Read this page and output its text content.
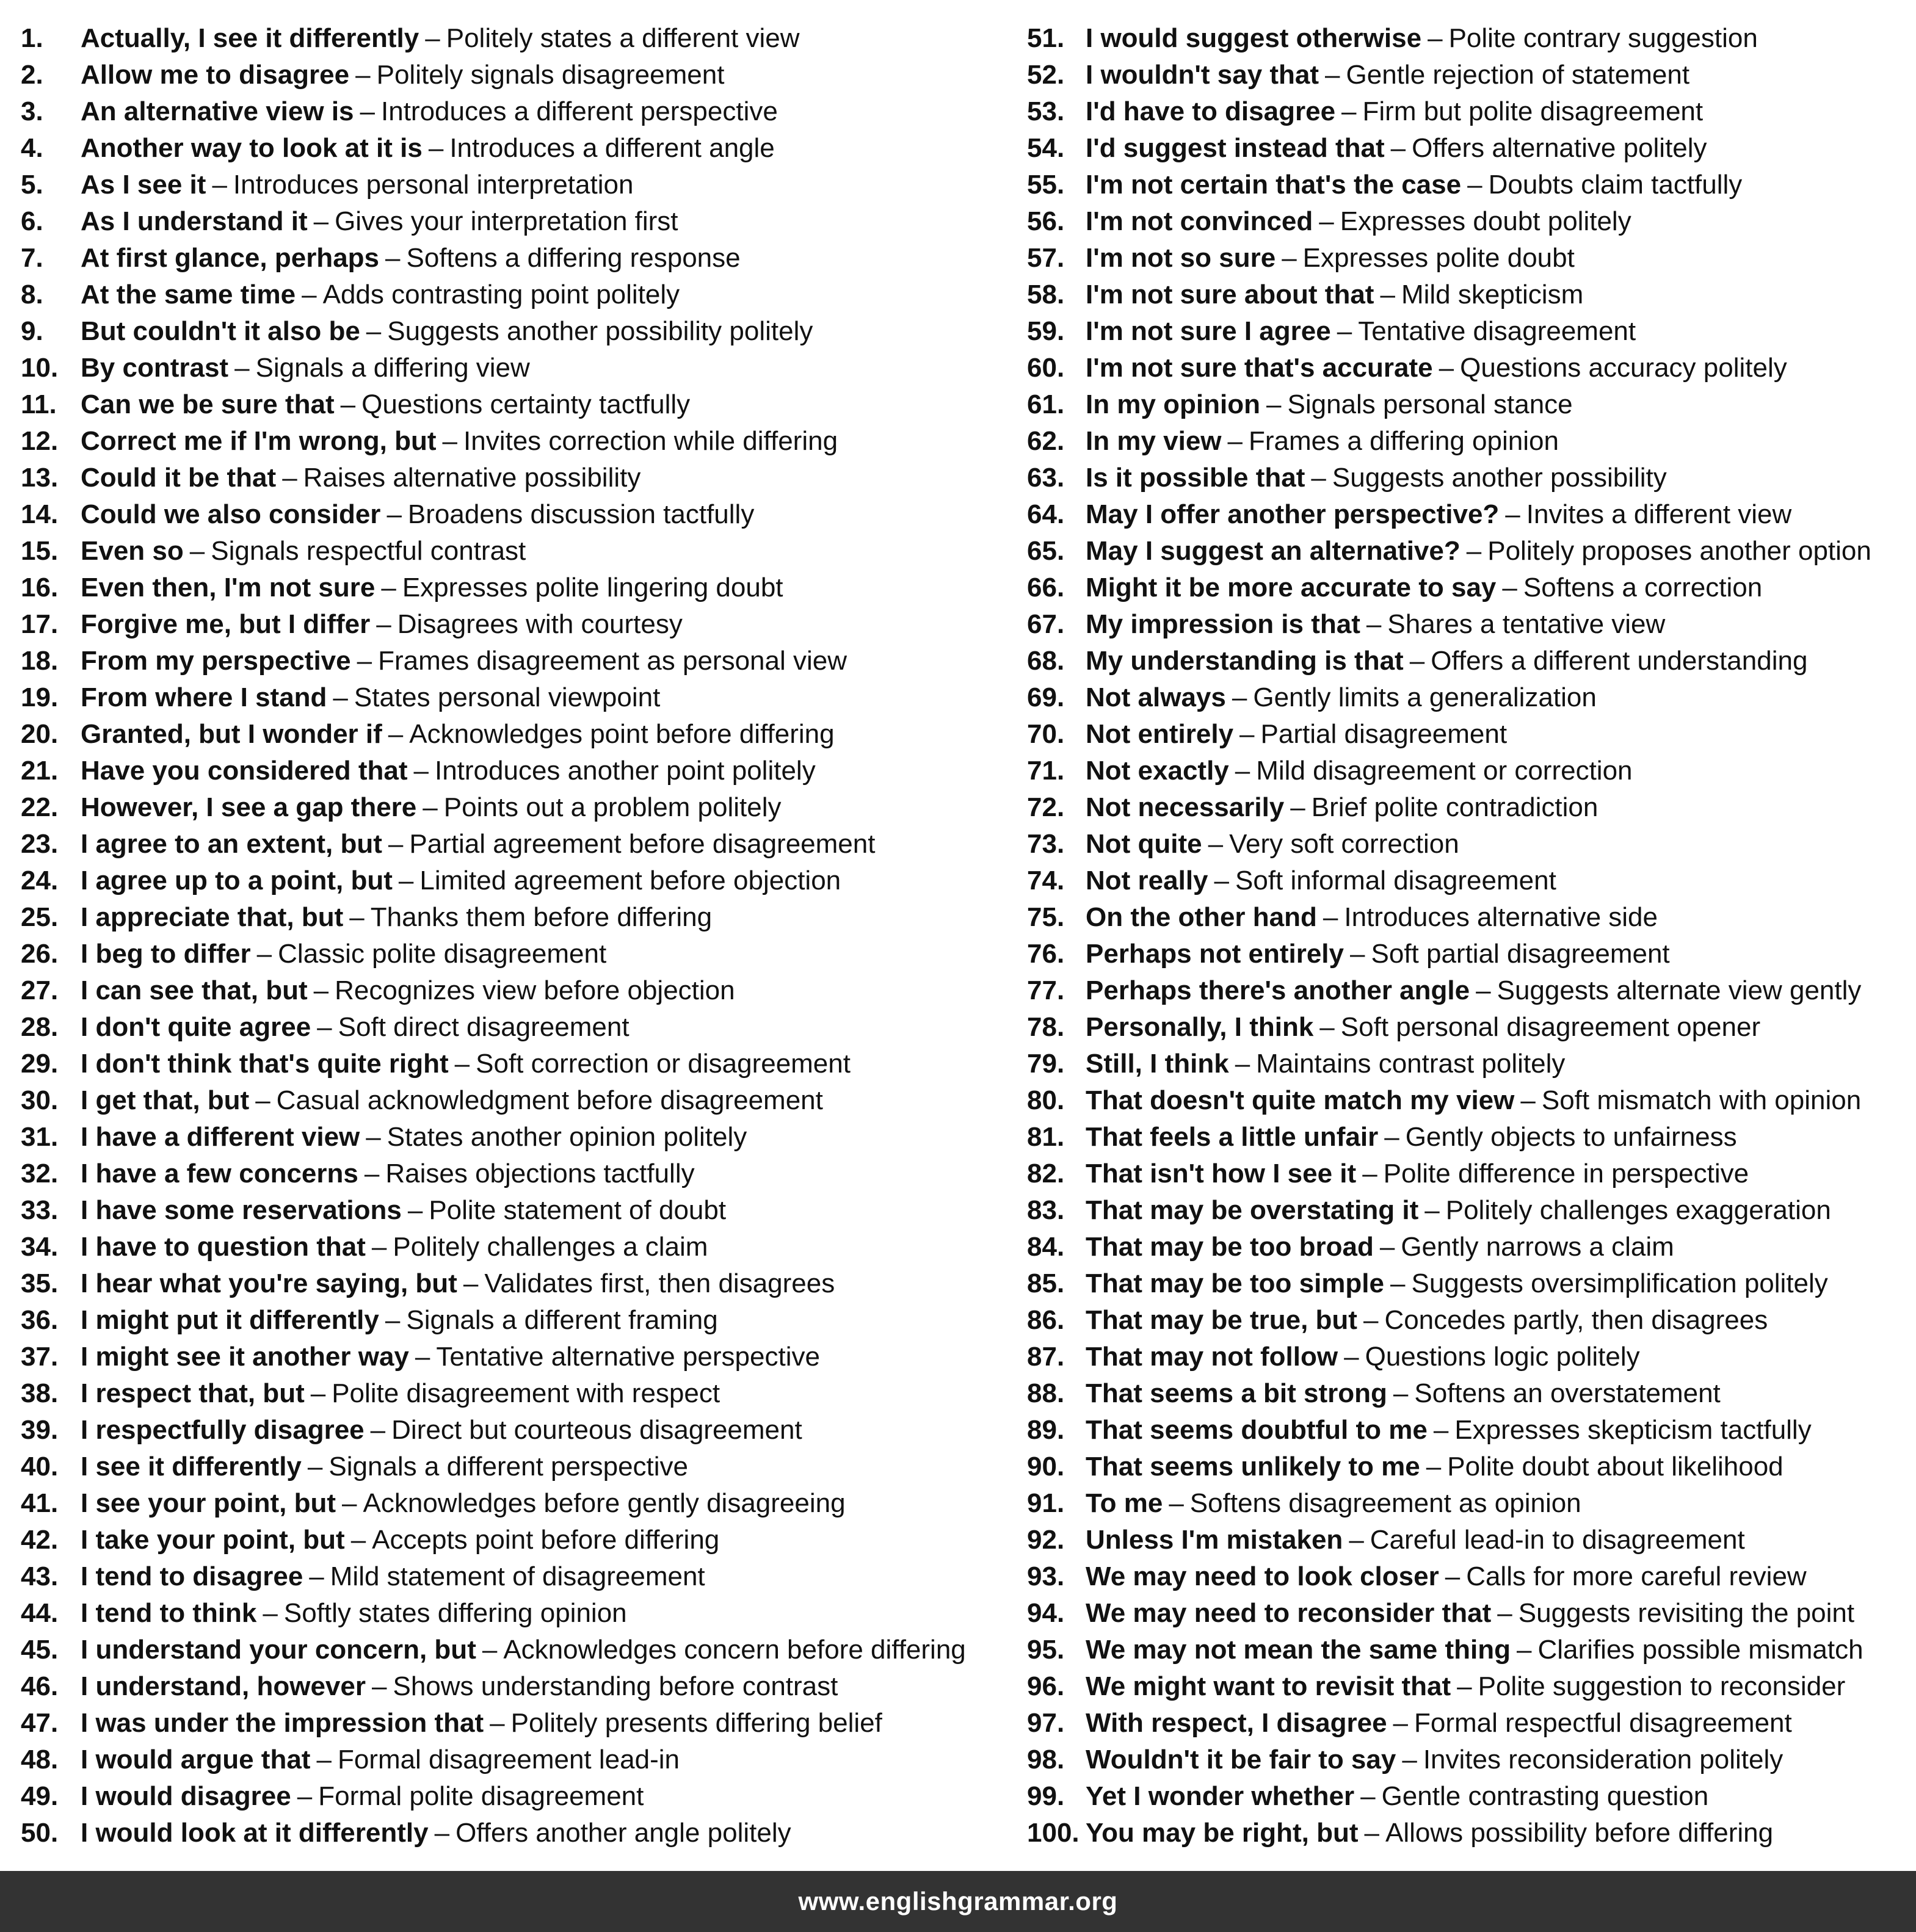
1.	Actually, I see it differently – Politely states a different view
2.	Allow me to disagree – Politely signals disagreement
3.	An alternative view is – Introduces a different perspective
4.	Another way to look at it is – Introduces a different angle
5.	As I see it – Introduces personal interpretation
6.	As I understand it – Gives your interpretation first
7.	At first glance, perhaps – Softens a differing response
8.	At the same time – Adds contrasting point politely
9.	But couldn't it also be – Suggests another possibility politely
10. By contrast – Signals a differing view
11. Can we be sure that – Questions certainty tactfully
12. Correct me if I'm wrong, but – Invites correction while differing
13. Could it be that – Raises alternative possibility
14. Could we also consider – Broadens discussion tactfully
15. Even so – Signals respectful contrast
16. Even then, I'm not sure – Expresses polite lingering doubt
17. Forgive me, but I differ – Disagrees with courtesy
18. From my perspective – Frames disagreement as personal view
19. From where I stand – States personal viewpoint
20. Granted, but I wonder if – Acknowledges point before differing
21. Have you considered that – Introduces another point politely
22. However, I see a gap there – Points out a problem politely
23. I agree to an extent, but – Partial agreement before disagreement
24. I agree up to a point, but – Limited agreement before objection
25. I appreciate that, but – Thanks them before differing
26. I beg to differ – Classic polite disagreement
27. I can see that, but – Recognizes view before objection
28. I don't quite agree – Soft direct disagreement
29. I don't think that's quite right – Soft correction or disagreement
30. I get that, but – Casual acknowledgment before disagreement
31. I have a different view – States another opinion politely
32. I have a few concerns – Raises objections tactfully
33. I have some reservations – Polite statement of doubt
34. I have to question that – Politely challenges a claim
35. I hear what you're saying, but – Validates first, then disagrees
36. I might put it differently – Signals a different framing
37. I might see it another way – Tentative alternative perspective
38. I respect that, but – Polite disagreement with respect
39. I respectfully disagree – Direct but courteous disagreement
40. I see it differently – Signals a different perspective
41. I see your point, but – Acknowledges before gently disagreeing
42. I take your point, but – Accepts point before differing
43. I tend to disagree – Mild statement of disagreement
44. I tend to think – Softly states differing opinion
45. I understand your concern, but – Acknowledges concern before differing
46. I understand, however – Shows understanding before contrast
47. I was under the impression that – Politely presents differing belief
48. I would argue that – Formal disagreement lead-in
49. I would disagree – Formal polite disagreement
50. I would look at it differently – Offers another angle politely
51. I would suggest otherwise – Polite contrary suggestion
52. I wouldn't say that – Gentle rejection of statement
53. I'd have to disagree – Firm but polite disagreement
54. I'd suggest instead that – Offers alternative politely
55. I'm not certain that's the case – Doubts claim tactfully
56. I'm not convinced – Expresses doubt politely
57. I'm not so sure – Expresses polite doubt
58. I'm not sure about that – Mild skepticism
59. I'm not sure I agree – Tentative disagreement
60. I'm not sure that's accurate – Questions accuracy politely
61. In my opinion – Signals personal stance
62. In my view – Frames a differing opinion
63. Is it possible that – Suggests another possibility
64. May I offer another perspective? – Invites a different view
65. May I suggest an alternative? – Politely proposes another option
66. Might it be more accurate to say – Softens a correction
67. My impression is that – Shares a tentative view
68. My understanding is that – Offers a different understanding
69. Not always – Gently limits a generalization
70. Not entirely – Partial disagreement
71. Not exactly – Mild disagreement or correction
72. Not necessarily – Brief polite contradiction
73. Not quite – Very soft correction
74. Not really – Soft informal disagreement
75. On the other hand – Introduces alternative side
76. Perhaps not entirely – Soft partial disagreement
77. Perhaps there's another angle – Suggests alternate view gently
78. Personally, I think – Soft personal disagreement opener
79. Still, I think – Maintains contrast politely
80. That doesn't quite match my view – Soft mismatch with opinion
81. That feels a little unfair – Gently objects to unfairness
82. That isn't how I see it – Polite difference in perspective
83. That may be overstating it – Politely challenges exaggeration
84. That may be too broad – Gently narrows a claim
85. That may be too simple – Suggests oversimplification politely
86. That may be true, but – Concedes partly, then disagrees
87. That may not follow – Questions logic politely
88. That seems a bit strong – Softens an overstatement
89. That seems doubtful to me – Expresses skepticism tactfully
90. That seems unlikely to me – Polite doubt about likelihood
91. To me – Softens disagreement as opinion
92. Unless I'm mistaken – Careful lead-in to disagreement
93. We may need to look closer – Calls for more careful review
94. We may need to reconsider that – Suggests revisiting the point
95. We may not mean the same thing – Clarifies possible mismatch
96. We might want to revisit that – Polite suggestion to reconsider
97. With respect, I disagree – Formal respectful disagreement
98. Wouldn't it be fair to say – Invites reconsideration politely
99. Yet I wonder whether – Gentle contrasting question
100. You may be right, but – Allows possibility before differing
www.englishgrammar.org
